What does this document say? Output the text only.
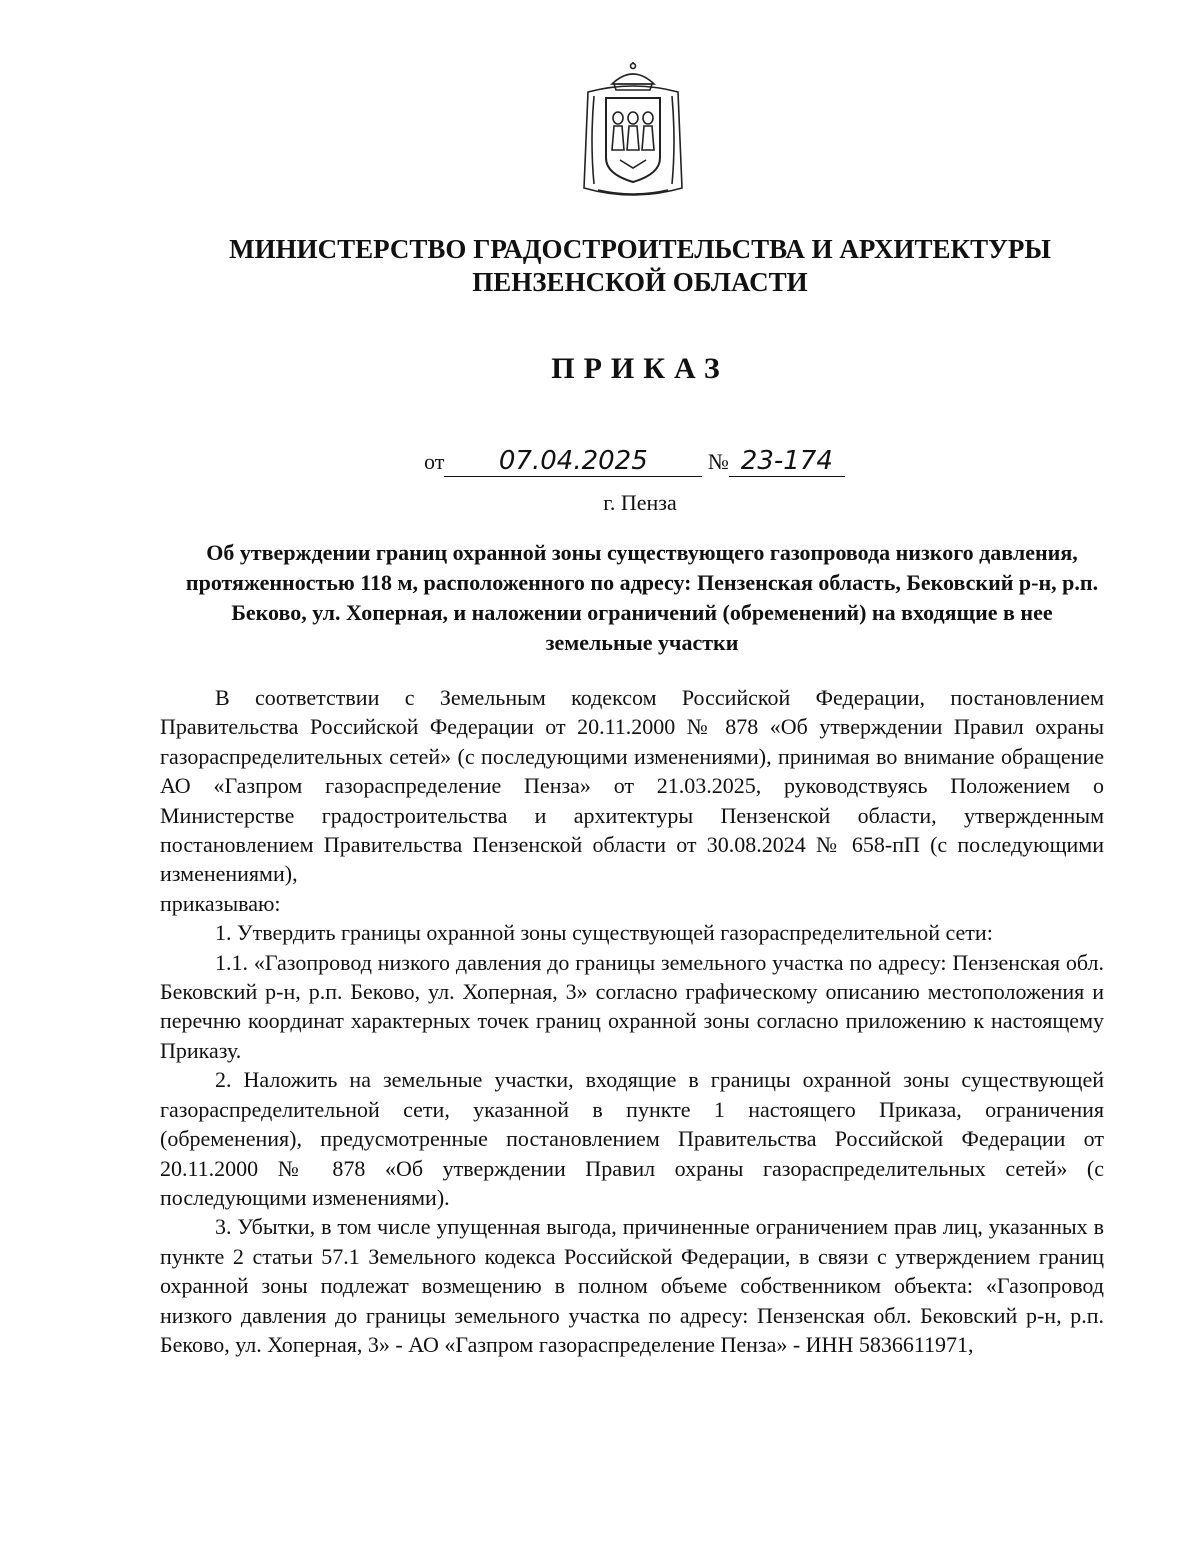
МИНИСТЕРСТВО ГРАДОСТРОИТЕЛЬСТВА И АРХИТЕКТУРЫ
ПЕНЗЕНСКОЙ ОБЛАСТИ
ПРИКАЗ
от 07.04.2025	№ 23-174
г. Пенза
Об утверждении границ охранной зоны существующего газопровода низкого давления, протяженностью 118 м, расположенного по адресу: Пензенская область, Бековский р-н, р.п. Беково, ул. Хоперная, и наложении ограничений (обременений) на входящие в нее земельные участки

В соответствии с Земельным кодексом Российской Федерации, постановлением Правительства Российской Федерации от 20.11.2000 № 878 «Об утверждении Правил охраны газораспределительных сетей» (с последующими изменениями), принимая во внимание обращение АО «Газпром газораспределение Пенза» от 21.03.2025, руководствуясь Положением о Министерстве градостроительства и архитектуры Пензенской области, утвержденным постановлением Правительства Пензенской области от 30.08.2024 № 658-пП (с последующими изменениями),

приказываю:

1. Утвердить границы охранной зоны существующей газораспределительной сети:

1.1. «Газопровод низкого давления до границы земельного участка по адресу: Пензенская обл. Бековский р-н, р.п. Беково, ул. Хоперная, 3» согласно графическому описанию местоположения и перечню координат характерных точек границ охранной зоны согласно приложению к настоящему Приказу.

2. Наложить на земельные участки, входящие в границы охранной зоны существующей газораспределительной сети, указанной в пункте 1 настоящего Приказа, ограничения (обременения), предусмотренные постановлением Правительства Российской Федерации от 20.11.2000 № 878 «Об утверждении Правил охраны газораспределительных сетей» (с последующими изменениями).

3. Убытки, в том числе упущенная выгода, причиненные ограничением прав лиц, указанных в пункте 2 статьи 57.1 Земельного кодекса Российской Федерации, в связи с утверждением границ охранной зоны подлежат возмещению в полном объеме собственником объекта: «Газопровод низкого давления до границы земельного участка по адресу: Пензенская обл. Бековский р-н, р.п. Беково, ул. Хоперная, 3» - АО «Газпром газораспределение Пенза» - ИНН 5836611971,
